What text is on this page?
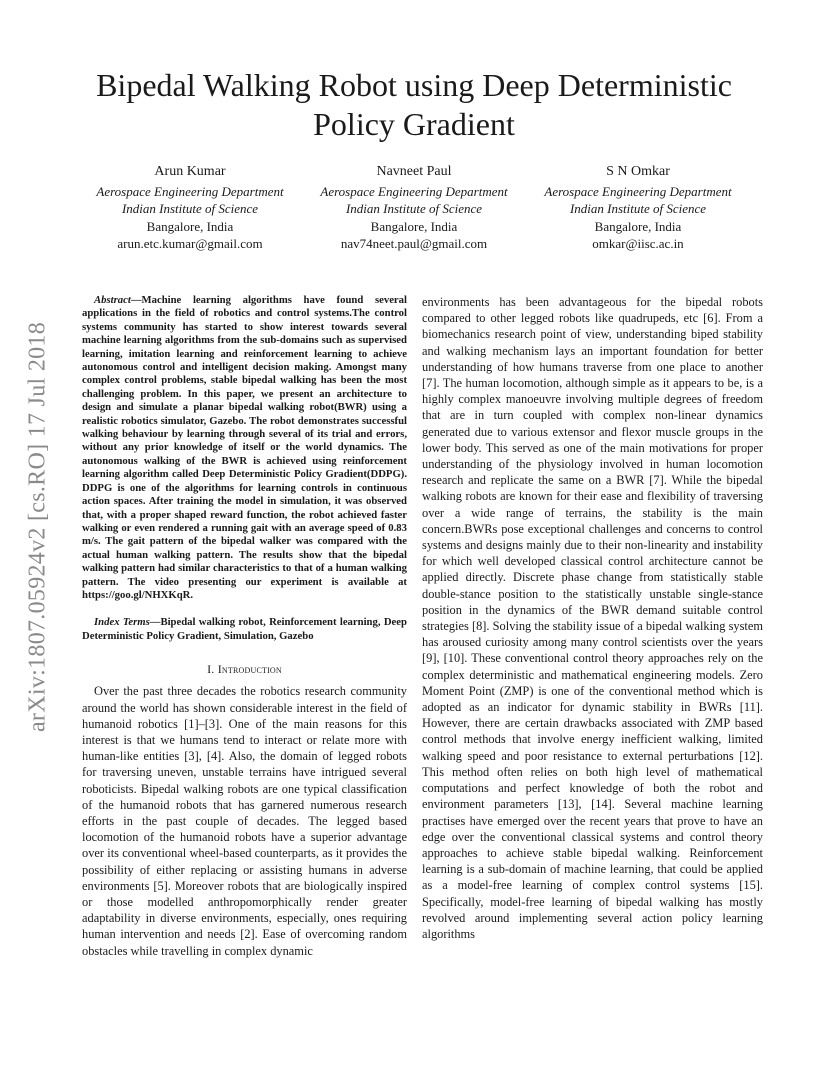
arXiv:1807.05924v2 [cs.RO] 17 Jul 2018
Bipedal Walking Robot using Deep Deterministic Policy Gradient
Arun Kumar
Aerospace Engineering Department
Indian Institute of Science
Bangalore, India
arun.etc.kumar@gmail.com
Navneet Paul
Aerospace Engineering Department
Indian Institute of Science
Bangalore, India
nav74neet.paul@gmail.com
S N Omkar
Aerospace Engineering Department
Indian Institute of Science
Bangalore, India
omkar@iisc.ac.in

Abstract—Machine learning algorithms have found several applications in the field of robotics and control systems.The control systems community has started to show interest towards several machine learning algorithms from the sub-domains such as supervised learning, imitation learning and reinforcement learning to achieve autonomous control and intelligent decision making. Amongst many complex control problems, stable bipedal walking has been the most challenging problem. In this paper, we present an architecture to design and simulate a planar bipedal walking robot(BWR) using a realistic robotics simulator, Gazebo. The robot demonstrates successful walking behaviour by learning through several of its trial and errors, without any prior knowledge of itself or the world dynamics. The autonomous walking of the BWR is achieved using reinforcement learning algorithm called Deep Deterministic Policy Gradient(DDPG). DDPG is one of the algorithms for learning controls in continuous action spaces. After training the model in simulation, it was observed that, with a proper shaped reward function, the robot achieved faster walking or even rendered a running gait with an average speed of 0.83 m/s. The gait pattern of the bipedal walker was compared with the actual human walking pattern. The results show that the bipedal walking pattern had similar characteristics to that of a human walking pattern. The video presenting our experiment is available at https://goo.gl/NHXKqR.

Index Terms—Bipedal walking robot, Reinforcement learning, Deep Deterministic Policy Gradient, Simulation, Gazebo

I. Introduction

Over the past three decades the robotics research community around the world has shown considerable interest in the field of humanoid robotics [1]–[3]. One of the main reasons for this interest is that we humans tend to interact or relate more with human-like entities [3], [4]. Also, the domain of legged robots for traversing uneven, unstable terrains have intrigued several roboticists. Bipedal walking robots are one typical classification of the humanoid robots that has garnered numerous research efforts in the past couple of decades. The legged based locomotion of the humanoid robots have a superior advantage over its conventional wheel-based counterparts, as it provides the possibility of either replacing or assisting humans in adverse environments [5]. Moreover robots that are biologically inspired or those modelled anthropomorphically render greater adaptability in diverse environments, especially, ones requiring human intervention and needs [2]. Ease of overcoming random obstacles while travelling in complex dynamic

environments has been advantageous for the bipedal robots compared to other legged robots like quadrupeds, etc [6]. From a biomechanics research point of view, understanding biped stability and walking mechanism lays an important foundation for better understanding of how humans traverse from one place to another [7]. The human locomotion, although simple as it appears to be, is a highly complex manoeuvre involving multiple degrees of freedom that are in turn coupled with complex non-linear dynamics generated due to various extensor and flexor muscle groups in the lower body. This served as one of the main motivations for proper understanding of the physiology involved in human locomotion research and replicate the same on a BWR [7]. While the bipedal walking robots are known for their ease and flexibility of traversing over a wide range of terrains, the stability is the main concern.BWRs pose exceptional challenges and concerns to control systems and designs mainly due to their non-linearity and instability for which well developed classical control architecture cannot be applied directly. Discrete phase change from statistically stable double-stance position to the statistically unstable single-stance position in the dynamics of the BWR demand suitable control strategies [8]. Solving the stability issue of a bipedal walking system has aroused curiosity among many control scientists over the years [9], [10]. These conventional control theory approaches rely on the complex deterministic and mathematical engineering models. Zero Moment Point (ZMP) is one of the conventional method which is adopted as an indicator for dynamic stability in BWRs [11]. However, there are certain drawbacks associated with ZMP based control methods that involve energy inefficient walking, limited walking speed and poor resistance to external perturbations [12]. This method often relies on both high level of mathematical computations and perfect knowledge of both the robot and environment parameters [13], [14]. Several machine learning practises have emerged over the recent years that prove to have an edge over the conventional classical systems and control theory approaches to achieve stable bipedal walking. Reinforcement learning is a sub-domain of machine learning, that could be applied as a model-free learning of complex control systems [15]. Specifically, model-free learning of bipedal walking has mostly revolved around implementing several action policy learning algorithms
